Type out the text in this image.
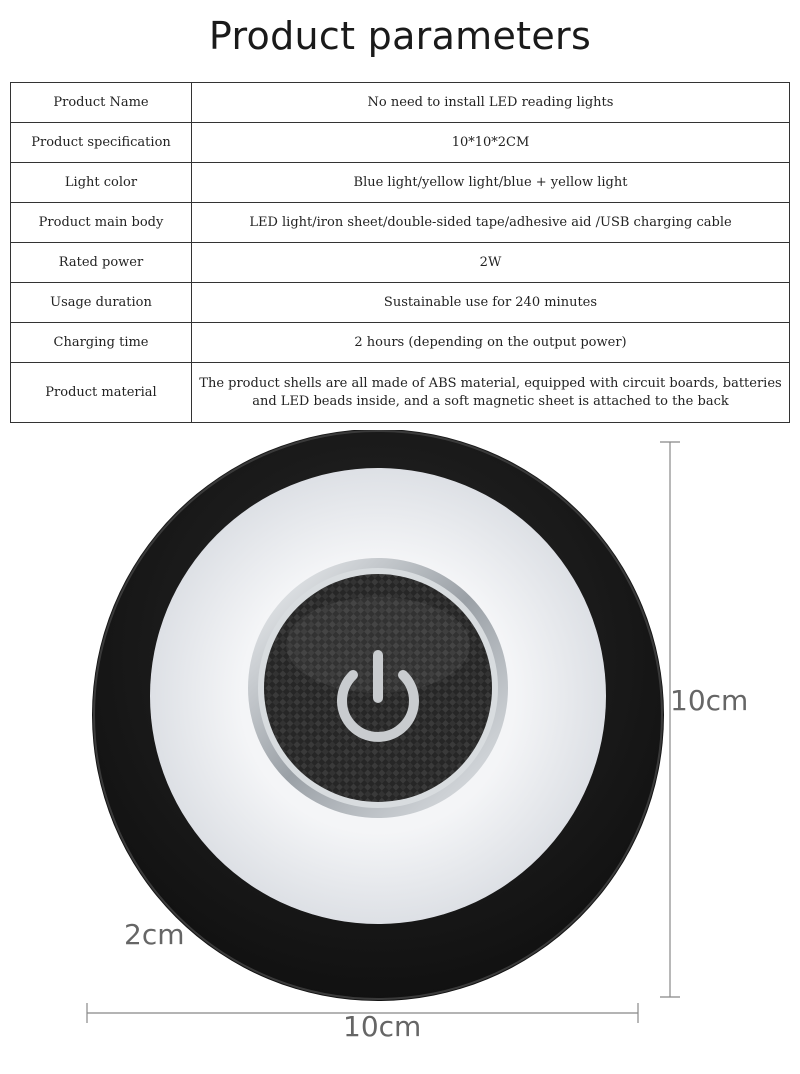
Product parameters
Product Name	No need to install LED reading lights
Product specification	10*10*2CM
Light color	Blue light/yellow light/blue + yellow light
Product main body	LED light/iron sheet/double-sided tape/adhesive aid /USB charging cable
Rated power	2W
Usage duration	Sustainable use for 240 minutes
Charging time	2 hours (depending on the output power)
Product material	The product shells are all made of ABS material, equipped with circuit boards, batteries and LED beads inside, and a soft magnetic sheet is attached to the back
10cm
10cm
2cm
